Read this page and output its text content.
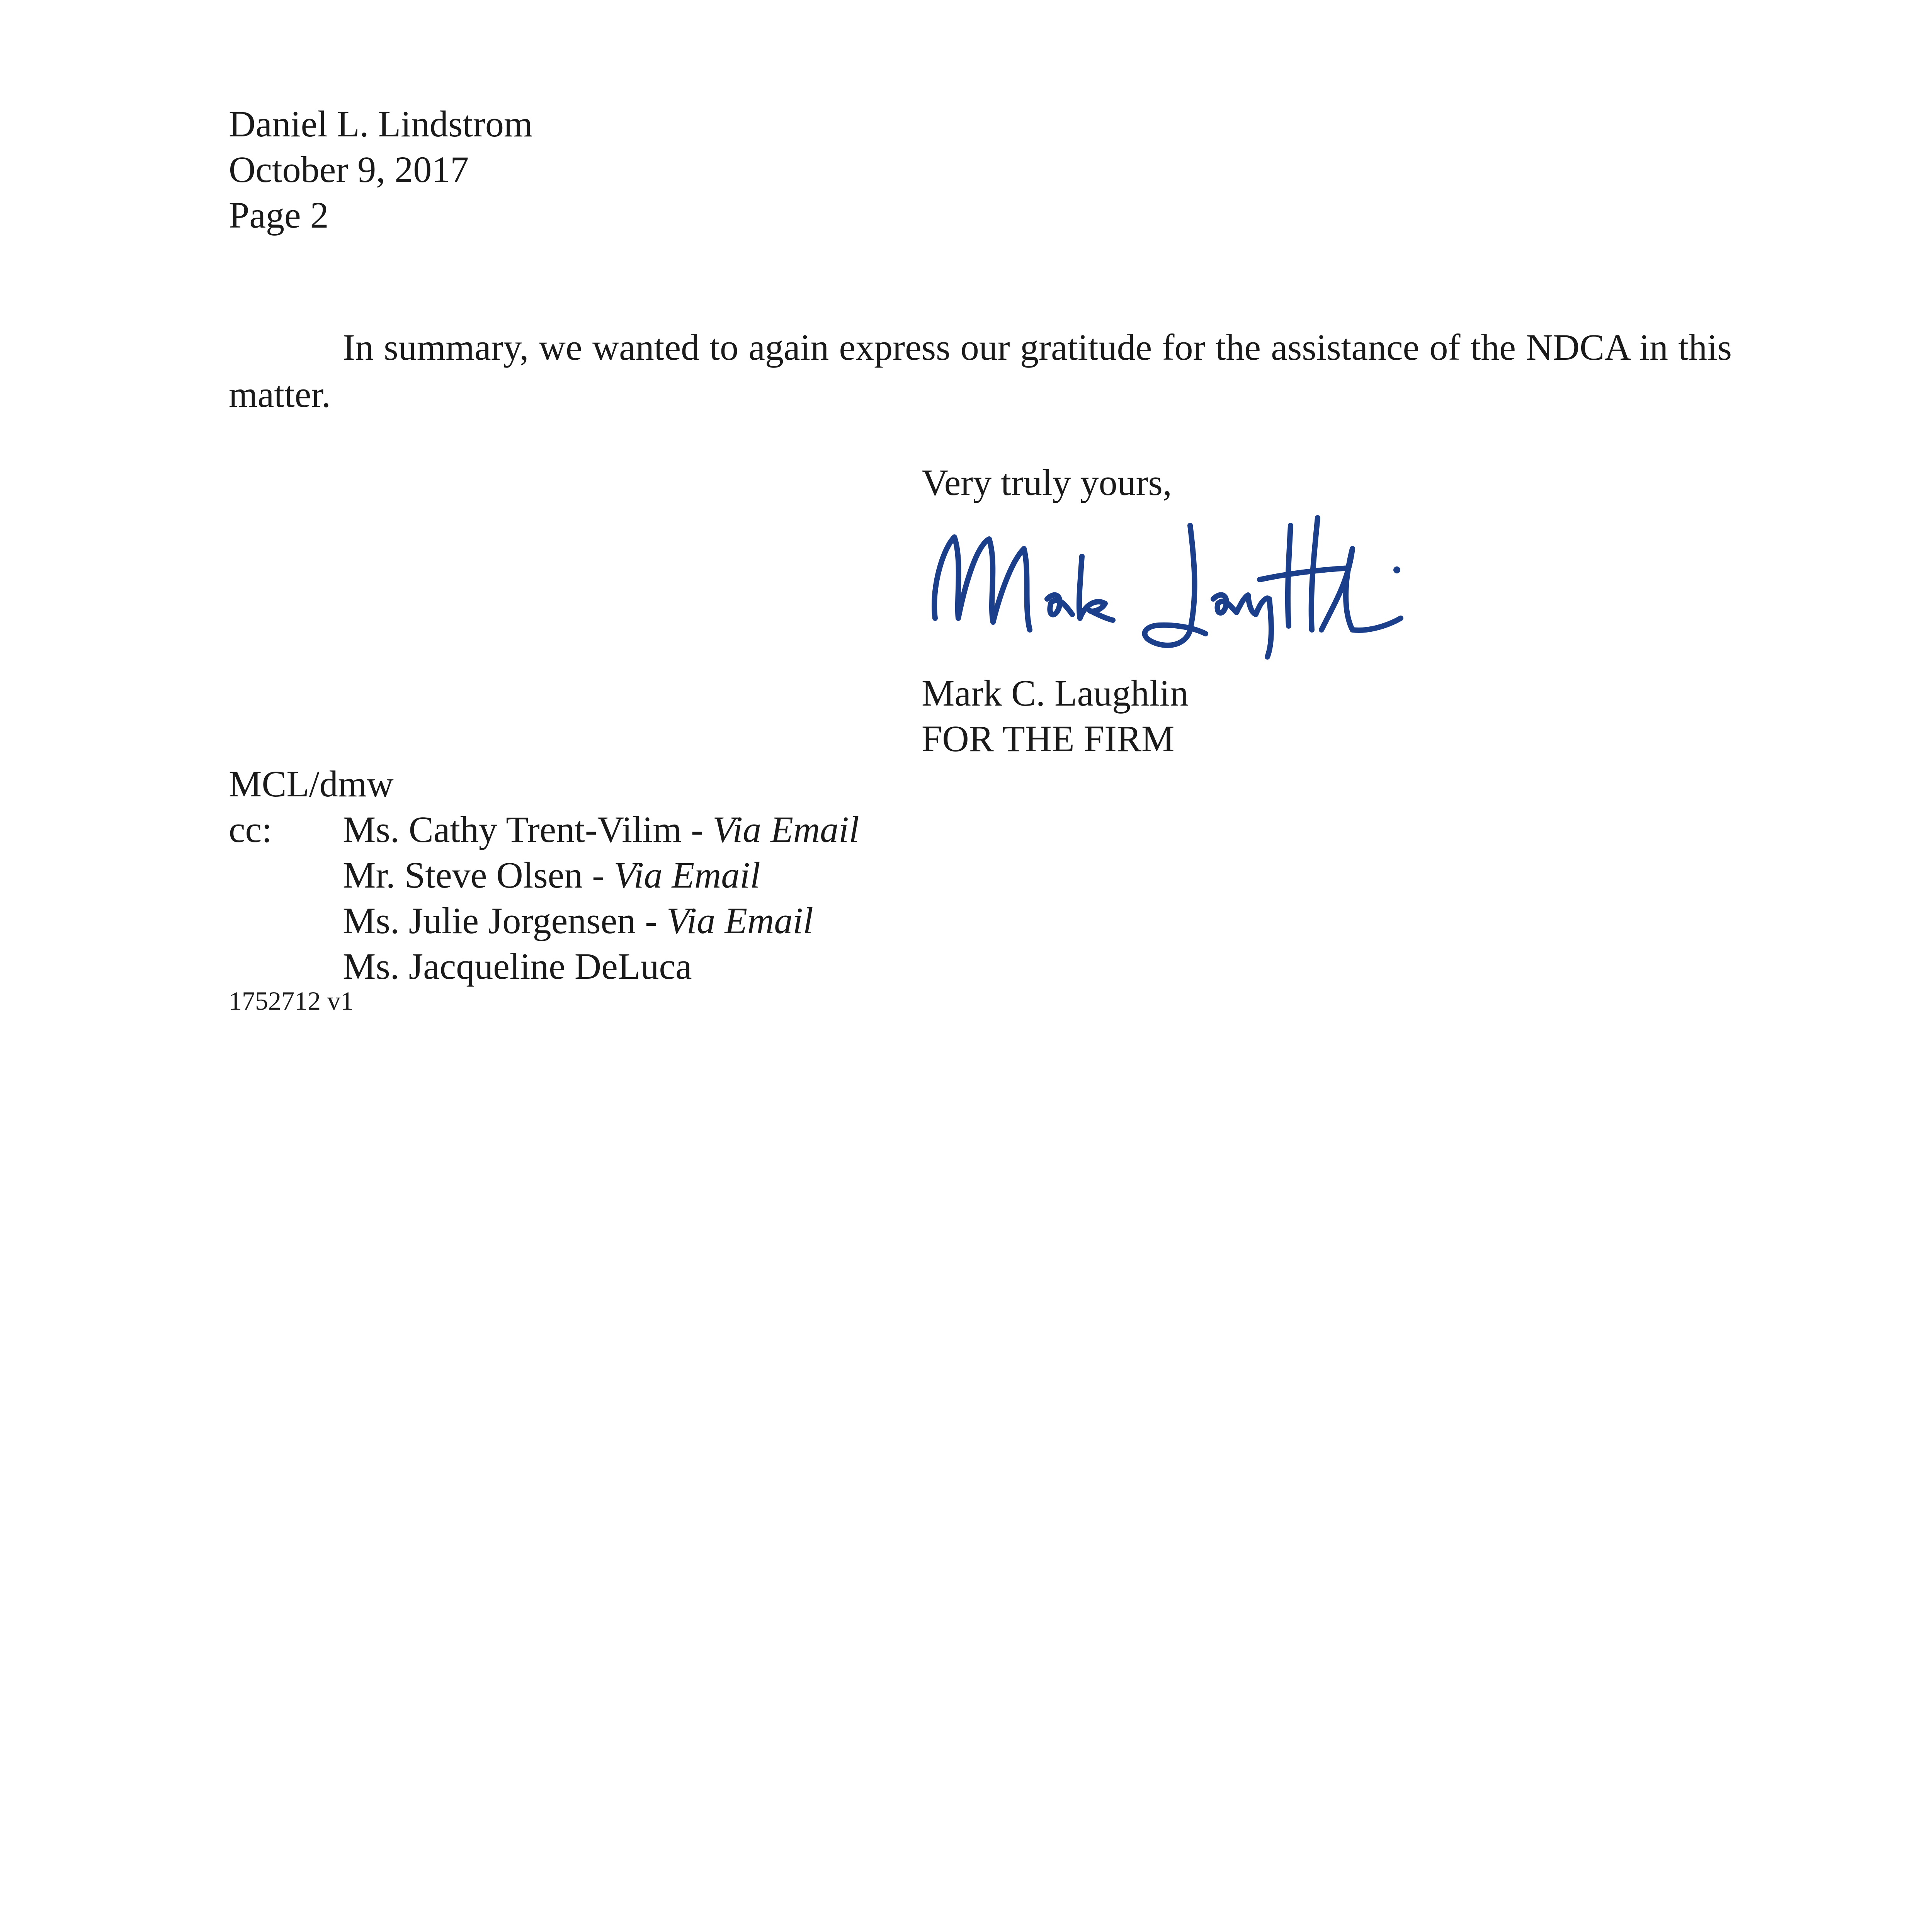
Daniel L. Lindstrom
October 9, 2017
Page 2
In summary, we wanted to again express our gratitude for the assistance of the NDCA in this matter.
Very truly yours,
Mark C. Laughlin
FOR THE FIRM
MCL/dmw
cc: Ms. Cathy Trent-Vilim - Via Email
Mr. Steve Olsen - Via Email
Ms. Julie Jorgensen - Via Email
Ms. Jacqueline DeLuca
1752712 v1
